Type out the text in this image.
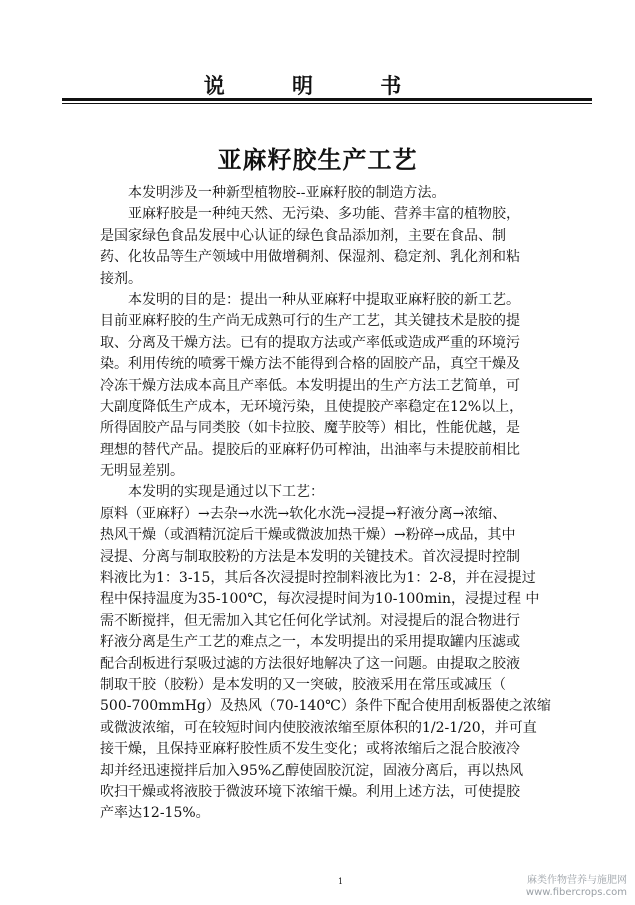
说 明 书
亚麻籽胶生产工艺
　　本发明涉及一种新型植物胶--亚麻籽胶的制造方法。
　　亚麻籽胶是一种纯天然、无污染、多功能、营养丰富的植物胶，
是国家绿色食品发展中心认证的绿色食品添加剂，主要在食品、制
药、化妆品等生产领域中用做增稠剂、保湿剂、稳定剂、乳化剂和粘
接剂。
　　本发明的目的是：提出一种从亚麻籽中提取亚麻籽胶的新工艺。
目前亚麻籽胶的生产尚无成熟可行的生产工艺，其关键技术是胶的提
取、分离及干燥方法。已有的提取方法或产率低或造成严重的环境污
染。利用传统的喷雾干燥方法不能得到合格的固胶产品，真空干燥及
冷冻干燥方法成本高且产率低。本发明提出的生产方法工艺简单，可
大副度降低生产成本，无环境污染，且使提胶产率稳定在12%以上，
所得固胶产品与同类胶（如卡拉胶、魔芋胶等）相比，性能优越，是
理想的替代产品。提胶后的亚麻籽仍可榨油，出油率与未提胶前相比
无明显差别。
　　本发明的实现是通过以下工艺：
原料（亚麻籽）→去杂→水洗→软化水洗→浸提→籽液分离→浓缩、
热风干燥（或酒精沉淀后干燥或微波加热干燥）→粉碎→成品，其中
浸提、分离与制取胶粉的方法是本发明的关键技术。首次浸提时控制
料液比为1：3-15，其后各次浸提时控制料液比为1：2-8，并在浸提过
程中保持温度为35-100℃，每次浸提时间为10-100min，浸提过程 中
需不断搅拌，但无需加入其它任何化学试剂。对浸提后的混合物进行
籽液分离是生产工艺的难点之一，本发明提出的采用提取罐内压滤或
配合刮板进行泵吸过滤的方法很好地解决了这一问题。由提取之胶液
制取干胶（胶粉）是本发明的又一突破，胶液采用在常压或减压（
500-700mmHg）及热风（70-140℃）条件下配合使用刮板器使之浓缩
或微波浓缩，可在较短时间内使胶液浓缩至原体积的1/2-1/20，并可直
接干燥，且保持亚麻籽胶性质不发生变化；或将浓缩后之混合胶液冷
却并经迅速搅拌后加入95%乙醇使固胶沉淀，固液分离后，再以热风
吹扫干燥或将液胶于微波环境下浓缩干燥。利用上述方法，可使提胶
产率达12-15%。
1	麻类作物营养与施肥网
www.fibercrops.com
